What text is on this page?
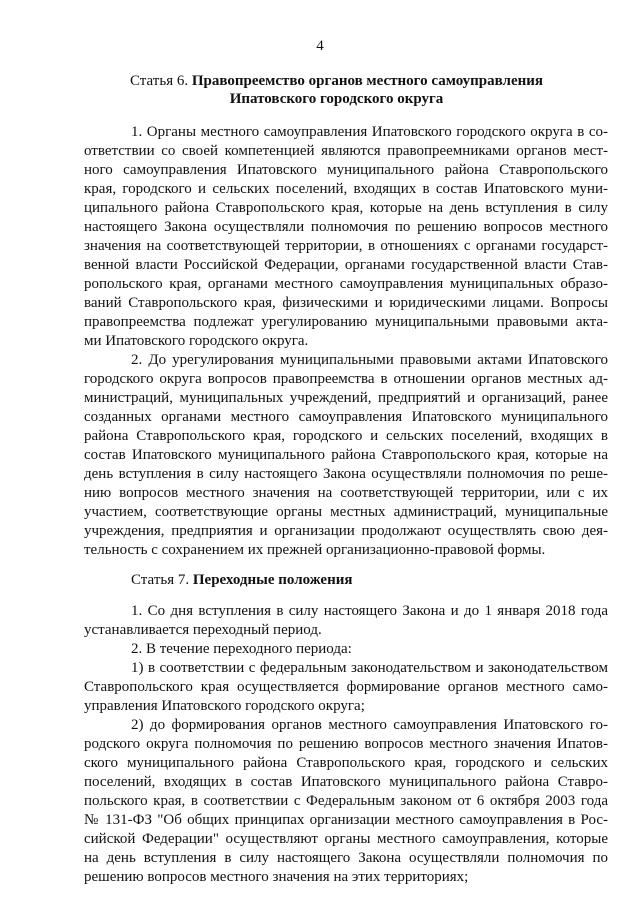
4
Статья 6. Правопреемство органов местного самоуправления
Ипатовского городского округа
1. Органы местного самоуправления Ипатовского городского округа в со-
ответствии со своей компетенцией являются правопреемниками органов мест-
ного самоуправления Ипатовского муниципального района Ставропольского
края, городского и сельских поселений, входящих в состав Ипатовского муни-
ципального района Ставропольского края, которые на день вступления в силу
настоящего Закона осуществляли полномочия по решению вопросов местного
значения на соответствующей территории, в отношениях с органами государст-
венной власти Российской Федерации, органами государственной власти Став-
ропольского края, органами местного самоуправления муниципальных образо-
ваний Ставропольского края, физическими и юридическими лицами. Вопросы
правопреемства подлежат урегулированию муниципальными правовыми акта-
ми Ипатовского городского округа.
2. До урегулирования муниципальными правовыми актами Ипатовского
городского округа вопросов правопреемства в отношении органов местных ад-
министраций, муниципальных учреждений, предприятий и организаций, ранее
созданных органами местного самоуправления Ипатовского муниципального
района Ставропольского края, городского и сельских поселений, входящих в
состав Ипатовского муниципального района Ставропольского края, которые на
день вступления в силу настоящего Закона осуществляли полномочия по реше-
нию вопросов местного значения на соответствующей территории, или с их
участием, соответствующие органы местных администраций, муниципальные
учреждения, предприятия и организации продолжают осуществлять свою дея-
тельность с сохранением их прежней организационно-правовой формы.
Статья 7. Переходные положения
1. Со дня вступления в силу настоящего Закона и до 1 января 2018 года
устанавливается переходный период.
2. В течение переходного периода:
1) в соответствии с федеральным законодательством и законодательством
Ставропольского края осуществляется формирование органов местного само-
управления Ипатовского городского округа;
2) до формирования органов местного самоуправления Ипатовского го-
родского округа полномочия по решению вопросов местного значения Ипатов-
ского муниципального района Ставропольского края, городского и сельских
поселений, входящих в состав Ипатовского муниципального района Ставро-
польского края, в соответствии с Федеральным законом от 6 октября 2003 года
№ 131-ФЗ "Об общих принципах организации местного самоуправления в Рос-
сийской Федерации" осуществляют органы местного самоуправления, которые
на день вступления в силу настоящего Закона осуществляли полномочия по
решению вопросов местного значения на этих территориях;
